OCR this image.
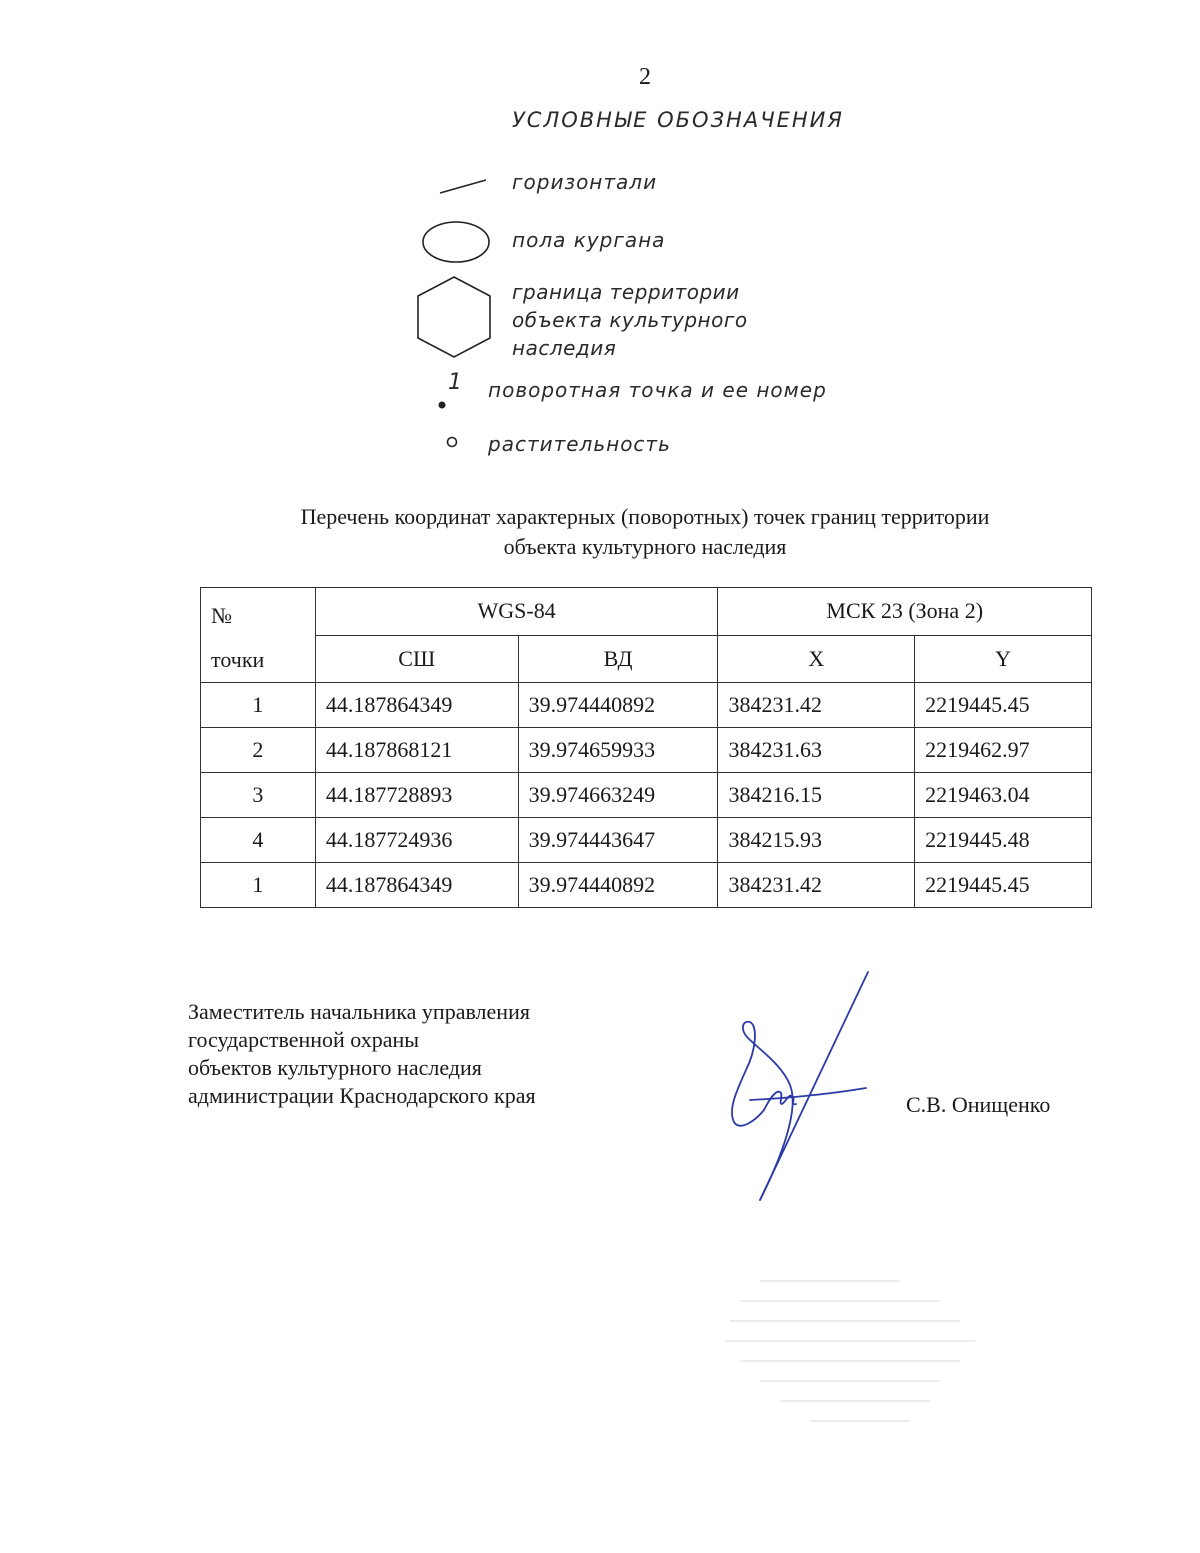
2
УСЛОВНЫЕ ОБОЗНАЧЕНИЯ
горизонтали
пола кургана
граница территории
объекта культурного
наследия
1 поворотная точка и ее номер
растительность
Перечень координат характерных (поворотных) точек границ территории
объекта культурного наследия
№
точки	WGS-84		МСК 23 (Зона 2)	
	СШ	ВД	X	Y
1	44.187864349	39.974440892	384231.42	2219445.45
2	44.187868121	39.974659933	384231.63	2219462.97
3	44.187728893	39.974663249	384216.15	2219463.04
4	44.187724936	39.974443647	384215.93	2219445.48
1	44.187864349	39.974440892	384231.42	2219445.45
Заместитель начальника управления
государственной охраны
объектов культурного наследия
администрации Краснодарского края	С.В. Онищенко
